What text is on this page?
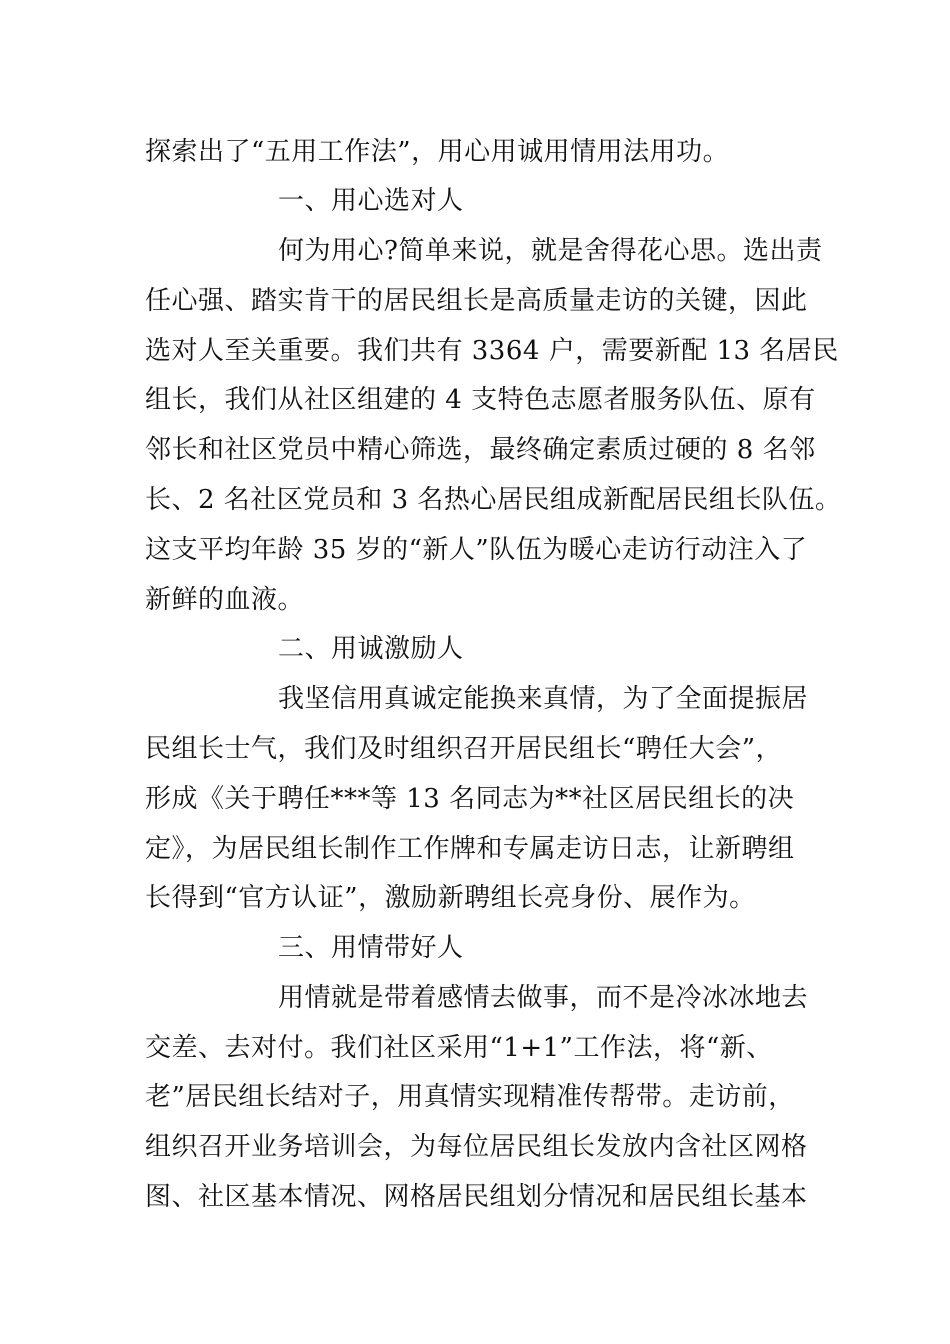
探索出了“五用工作法”，用心用诚用情用法用功。
一、用心选对人
何为用心?简单来说，就是舍得花心思。选出责
任心强、踏实肯干的居民组长是高质量走访的关键，因此
选对人至关重要。我们共有 3364 户，需要新配 13 名居民
组长，我们从社区组建的 4 支特色志愿者服务队伍、原有
邻长和社区党员中精心筛选，最终确定素质过硬的 8 名邻
长、2 名社区党员和 3 名热心居民组成新配居民组长队伍。
这支平均年龄 35 岁的“新人”队伍为暖心走访行动注入了
新鲜的血液。
二、用诚激励人
我坚信用真诚定能换来真情，为了全面提振居
民组长士气，我们及时组织召开居民组长“聘任大会”，
形成《关于聘任***等 13 名同志为**社区居民组长的决
定》，为居民组长制作工作牌和专属走访日志，让新聘组
长得到“官方认证”，激励新聘组长亮身份、展作为。
三、用情带好人
用情就是带着感情去做事，而不是冷冰冰地去
交差、去对付。我们社区采用“1+1”工作法，将“新、
老”居民组长结对子，用真情实现精准传帮带。走访前，
组织召开业务培训会，为每位居民组长发放内含社区网格
图、社区基本情况、网格居民组划分情况和居民组长基本
